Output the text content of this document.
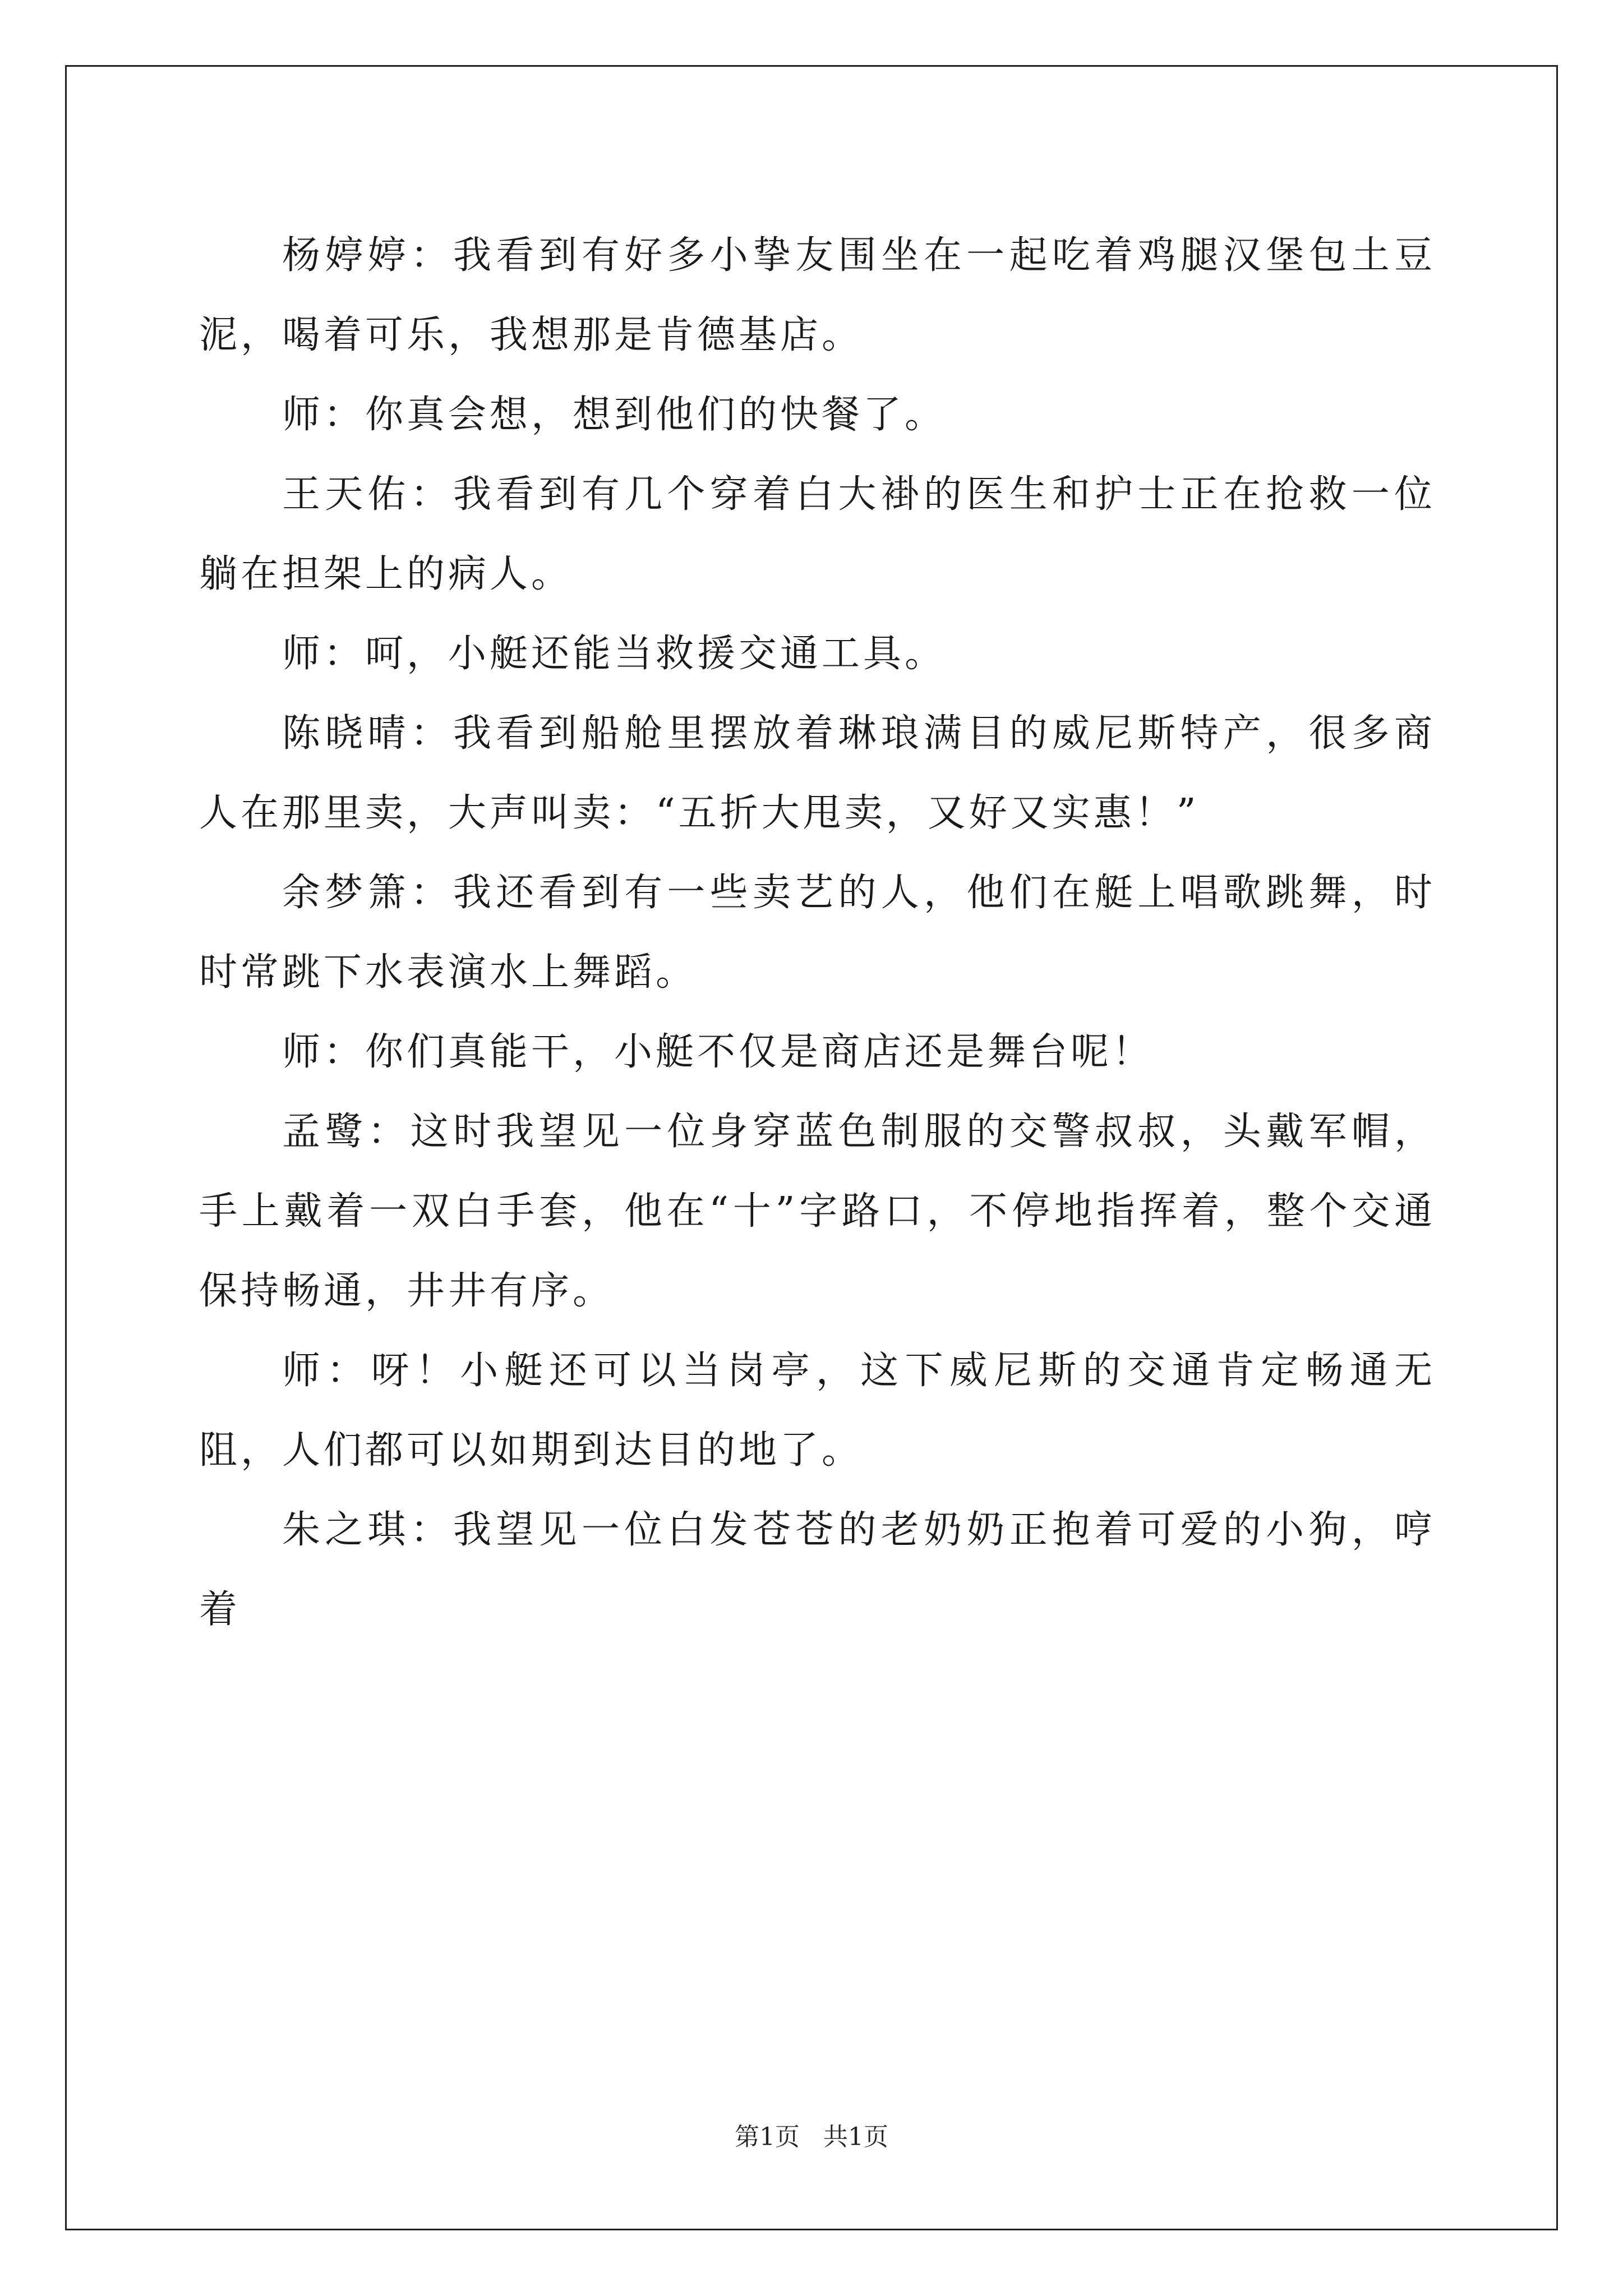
杨婷婷：我看到有好多小挚友围坐在一起吃着鸡腿汉堡包土豆泥，喝着可乐，我想那是肯德基店。

师：你真会想，想到他们的快餐了。

王天佑：我看到有几个穿着白大褂的医生和护士正在抢救一位躺在担架上的病人。

师：呵，小艇还能当救援交通工具。

陈晓晴：我看到船舱里摆放着琳琅满目的威尼斯特产，很多商人在那里卖，大声叫卖：“五折大甩卖，又好又实惠！”

余梦箫：我还看到有一些卖艺的人，他们在艇上唱歌跳舞，时时常跳下水表演水上舞蹈。

师：你们真能干，小艇不仅是商店还是舞台呢！

孟鹭：这时我望见一位身穿蓝色制服的交警叔叔，头戴军帽，手上戴着一双白手套，他在“十”字路口，不停地指挥着，整个交通保持畅通，井井有序。

师：呀！小艇还可以当岗亭，这下威尼斯的交通肯定畅通无阻，人们都可以如期到达目的地了。

朱之琪：我望见一位白发苍苍的老奶奶正抱着可爱的小狗，哼着

第1页 共1页
